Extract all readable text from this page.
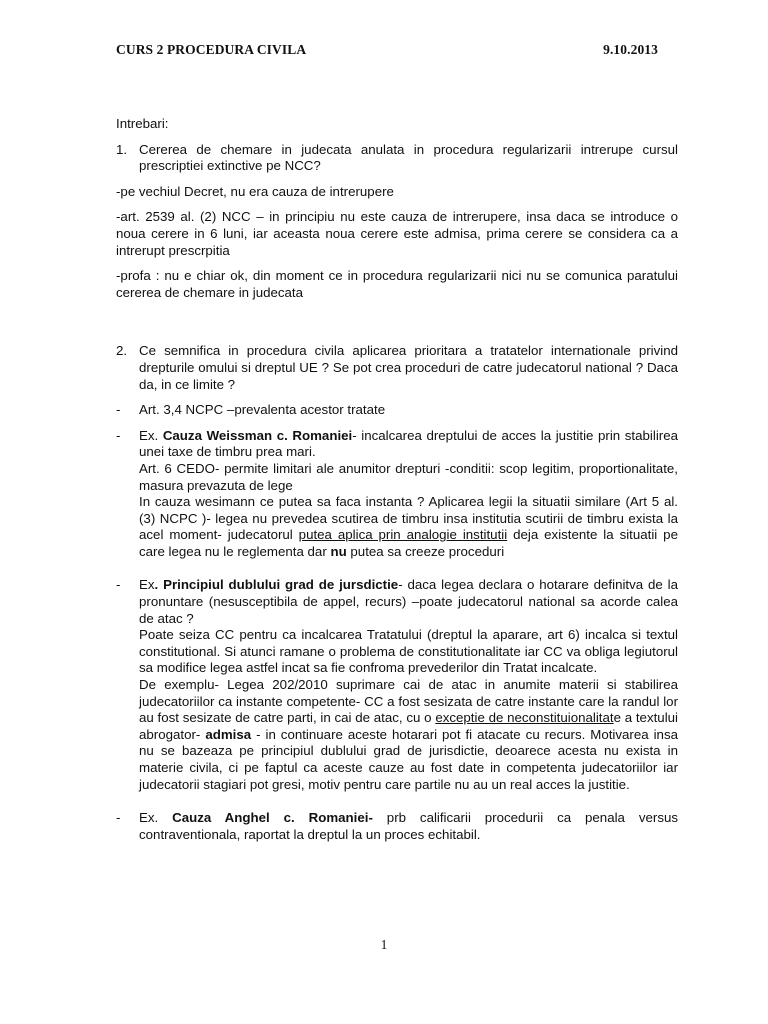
CURS 2 PROCEDURA CIVILA	9.10.2013

Intrebari:

1. Cererea de chemare in judecata anulata in procedura regularizarii intrerupe cursul prescriptiei extinctive pe NCC?

-pe vechiul Decret, nu era cauza de intrerupere

-art. 2539 al. (2) NCC – in principiu nu este cauza de intrerupere, insa daca se introduce o noua cerere in 6 luni, iar aceasta noua cerere este admisa, prima cerere se considera ca a intrerupt prescrpitia

-profa : nu e chiar ok, din moment ce in procedura regularizarii nici nu se comunica paratului cererea de chemare in judecata

2. Ce semnifica in procedura civila aplicarea prioritara a tratatelor internationale privind drepturile omului si dreptul UE ? Se pot crea proceduri de catre judecatorul national ? Daca da, in ce limite ?
-	Art. 3,4 NCPC –prevalenta acestor tratate
-	Ex. Cauza Weissman c. Romaniei- incalcarea dreptului de acces la justitie prin stabilirea unei taxe de timbru prea mari.
Art. 6 CEDO- permite limitari ale anumitor drepturi -conditii: scop legitim, proportionalitate, masura prevazuta de lege
In cauza wesimann ce putea sa faca instanta ? Aplicarea legii la situatii similare (Art 5 al. (3) NCPC )- legea nu prevedea scutirea de timbru insa institutia scutirii de timbru exista la acel moment- judecatorul putea aplica prin analogie institutii deja existente la situatii pe care legea nu le reglementa dar nu putea sa creeze proceduri
-	Ex. Principiul dublului grad de jursdictie- daca legea declara o hotarare definitva de la pronuntare (nesusceptibila de appel, recurs) –poate judecatorul national sa acorde calea de atac ?
Poate seiza CC pentru ca incalcarea Tratatului (dreptul la aparare, art 6) incalca si textul constitutional. Si atunci ramane o problema de constitutionalitate iar CC va obliga legiutorul sa modifice legea astfel incat sa fie confroma prevederilor din Tratat incalcate.
De exemplu- Legea 202/2010 suprimare cai de atac in anumite materii si stabilirea judecatoriilor ca instante competente- CC a fost sesizata de catre instante care la randul lor au fost sesizate de catre parti, in cai de atac, cu o exceptie de neconstituionalitate a textului abrogator- admisa - in continuare aceste hotarari pot fi atacate cu recurs. Motivarea insa nu se bazeaza pe principiul dublului grad de jurisdictie, deoarece acesta nu exista in materie civila, ci pe faptul ca aceste cauze au fost date in competenta judecatoriilor iar judecatorii stagiari pot gresi, motiv pentru care partile nu au un real acces la justitie.
-	Ex. Cauza Anghel c. Romaniei- prb calificarii procedurii ca penala versus contraventionala, raportat la dreptul la un proces echitabil.
1
